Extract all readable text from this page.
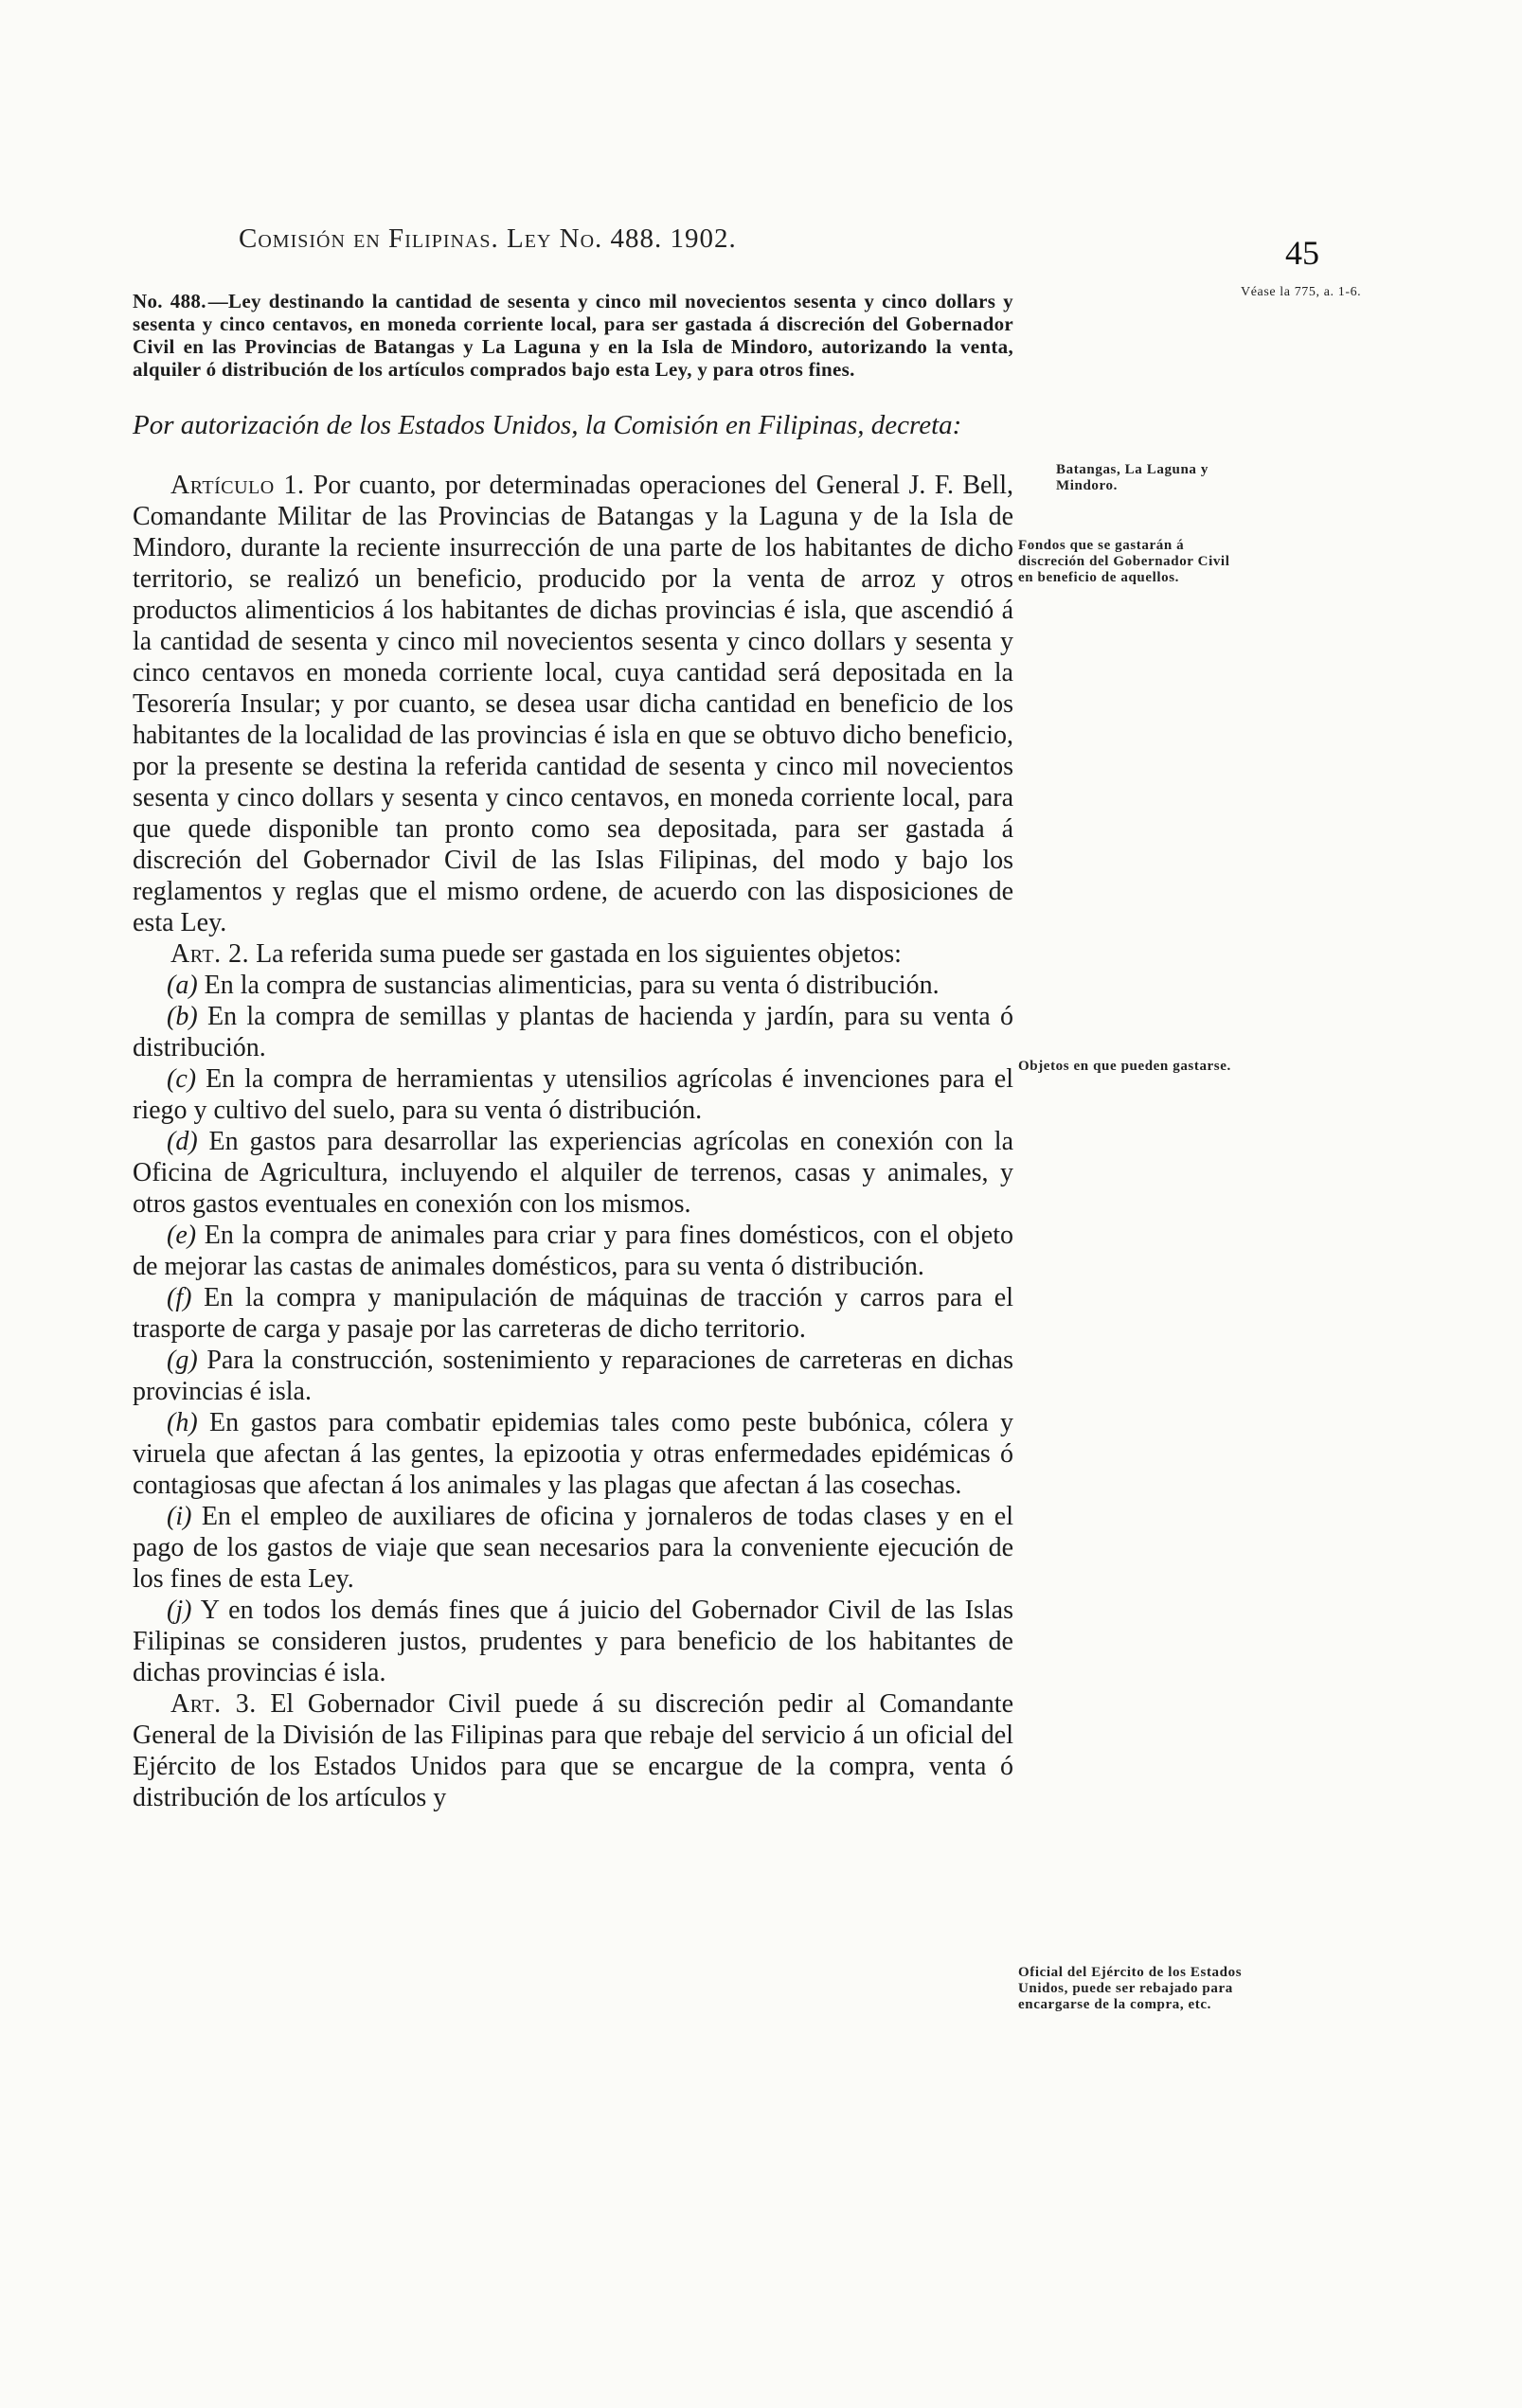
Comisión en Filipinas. Ley No. 488. 1902.	45
Véase la 775, a. 1-6.
Batangas, La Laguna y Mindoro.
Fondos que se gastarán á discreción del Gobernador Civil en beneficio de aquellos.
Objetos en que pueden gastarse.
Oficial del Ejército de los Estados Unidos, puede ser rebajado para encargarse de la compra, etc.

No. 488.—Ley destinando la cantidad de sesenta y cinco mil novecientos sesenta y cinco dollars y sesenta y cinco centavos, en moneda corriente local, para ser gastada á discreción del Gobernador Civil en las Provincias de Batangas y La Laguna y en la Isla de Mindoro, autorizando la venta, alquiler ó distribución de los artículos comprados bajo esta Ley, y para otros fines.

Por autorización de los Estados Unidos, la Comisión en Filipinas, decreta:

Artículo 1. Por cuanto, por determinadas operaciones del General J. F. Bell, Comandante Militar de las Provincias de Batangas y la Laguna y de la Isla de Mindoro, durante la reciente insurrección de una parte de los habitantes de dicho territorio, se realizó un beneficio, producido por la venta de arroz y otros productos alimenticios á los habitantes de dichas provincias é isla, que ascendió á la cantidad de sesenta y cinco mil novecientos sesenta y cinco dollars y sesenta y cinco centavos en moneda corriente local, cuya cantidad será depositada en la Tesorería Insular; y por cuanto, se desea usar dicha cantidad en beneficio de los habitantes de la localidad de las provincias é isla en que se obtuvo dicho beneficio, por la presente se destina la referida cantidad de sesenta y cinco mil novecientos sesenta y cinco dollars y sesenta y cinco centavos, en moneda corriente local, para que quede disponible tan pronto como sea depositada, para ser gastada á discreción del Gobernador Civil de las Islas Filipinas, del modo y bajo los reglamentos y reglas que el mismo ordene, de acuerdo con las disposiciones de esta Ley.

Art. 2. La referida suma puede ser gastada en los siguientes objetos:

(a) En la compra de sustancias alimenticias, para su venta ó distribución.

(b) En la compra de semillas y plantas de hacienda y jardín, para su venta ó distribución.

(c) En la compra de herramientas y utensilios agrícolas é invenciones para el riego y cultivo del suelo, para su venta ó distribución.

(d) En gastos para desarrollar las experiencias agrícolas en conexión con la Oficina de Agricultura, incluyendo el alquiler de terrenos, casas y animales, y otros gastos eventuales en conexión con los mismos.

(e) En la compra de animales para criar y para fines domésticos, con el objeto de mejorar las castas de animales domésticos, para su venta ó distribución.

(f) En la compra y manipulación de máquinas de tracción y carros para el trasporte de carga y pasaje por las carreteras de dicho territorio.

(g) Para la construcción, sostenimiento y reparaciones de carreteras en dichas provincias é isla.

(h) En gastos para combatir epidemias tales como peste bubónica, cólera y viruela que afectan á las gentes, la epizootia y otras enfermedades epidémicas ó contagiosas que afectan á los animales y las plagas que afectan á las cosechas.

(i) En el empleo de auxiliares de oficina y jornaleros de todas clases y en el pago de los gastos de viaje que sean necesarios para la conveniente ejecución de los fines de esta Ley.

(j) Y en todos los demás fines que á juicio del Gobernador Civil de las Islas Filipinas se consideren justos, prudentes y para beneficio de los habitantes de dichas provincias é isla.

Art. 3. El Gobernador Civil puede á su discreción pedir al Comandante General de la División de las Filipinas para que rebaje del servicio á un oficial del Ejército de los Estados Unidos para que se encargue de la compra, venta ó distribución de los artículos y
